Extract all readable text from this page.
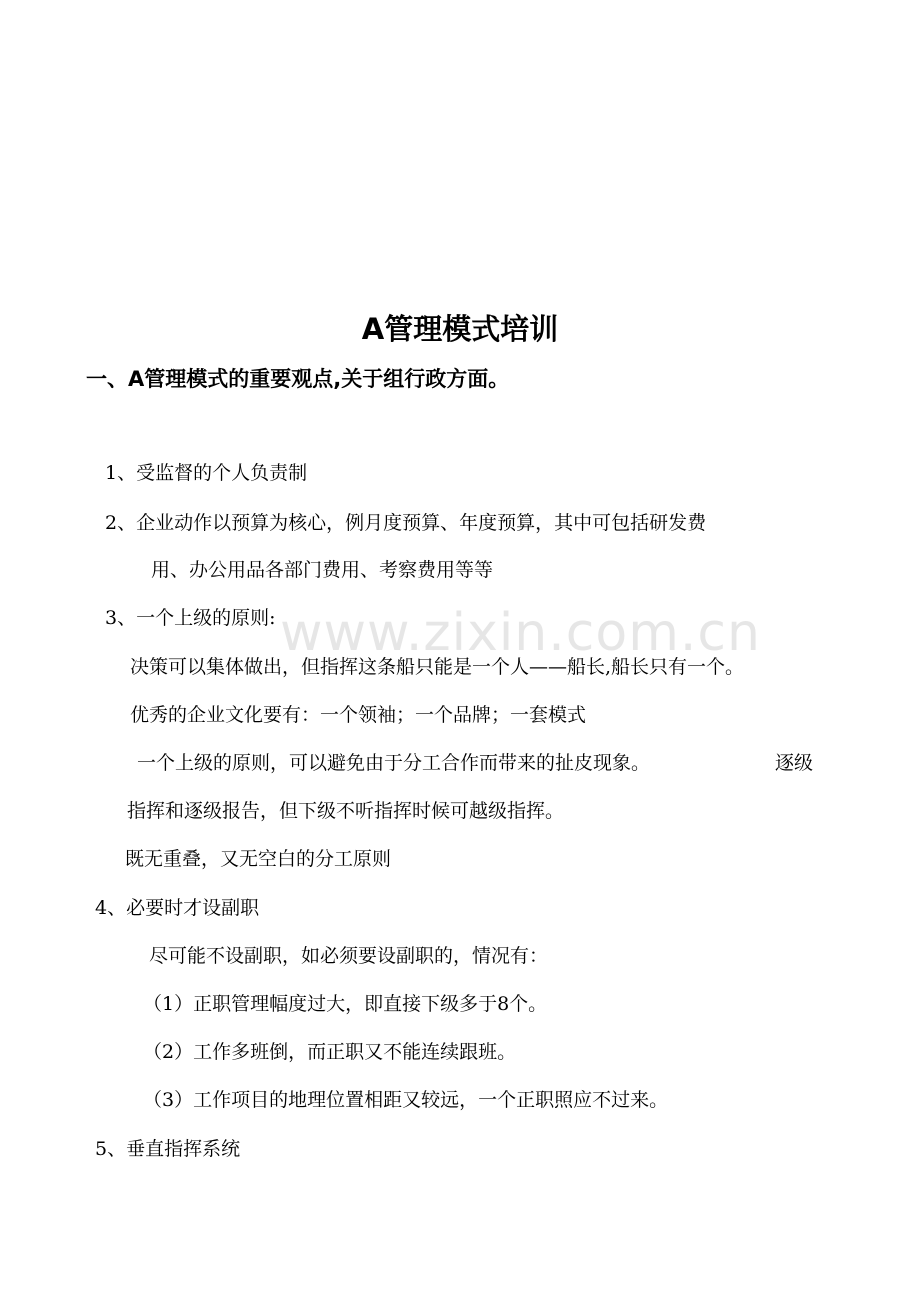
www.zixin.com.cn
A管理模式培训
一、A管理模式的重要观点,关于组行政方面。
1、受监督的个人负责制
2、企业动作以预算为核心，例月度预算、年度预算，其中可包括研发费
用、办公用品各部门费用、考察费用等等
3、一个上级的原则:
决策可以集体做出，但指挥这条船只能是一个人——船长,船长只有一个。
优秀的企业文化要有：一个领袖；一个品牌；一套模式
一个上级的原则，可以避免由于分工合作而带来的扯皮现象。	逐级
指挥和逐级报告，但下级不听指挥时候可越级指挥。
既无重叠，又无空白的分工原则
4、必要时才设副职
尽可能不设副职，如必须要设副职的，情况有：
（1）正职管理幅度过大，即直接下级多于8个。
（2）工作多班倒，而正职又不能连续跟班。
（3）工作项目的地理位置相距又较远，一个正职照应不过来。
5、垂直指挥系统
